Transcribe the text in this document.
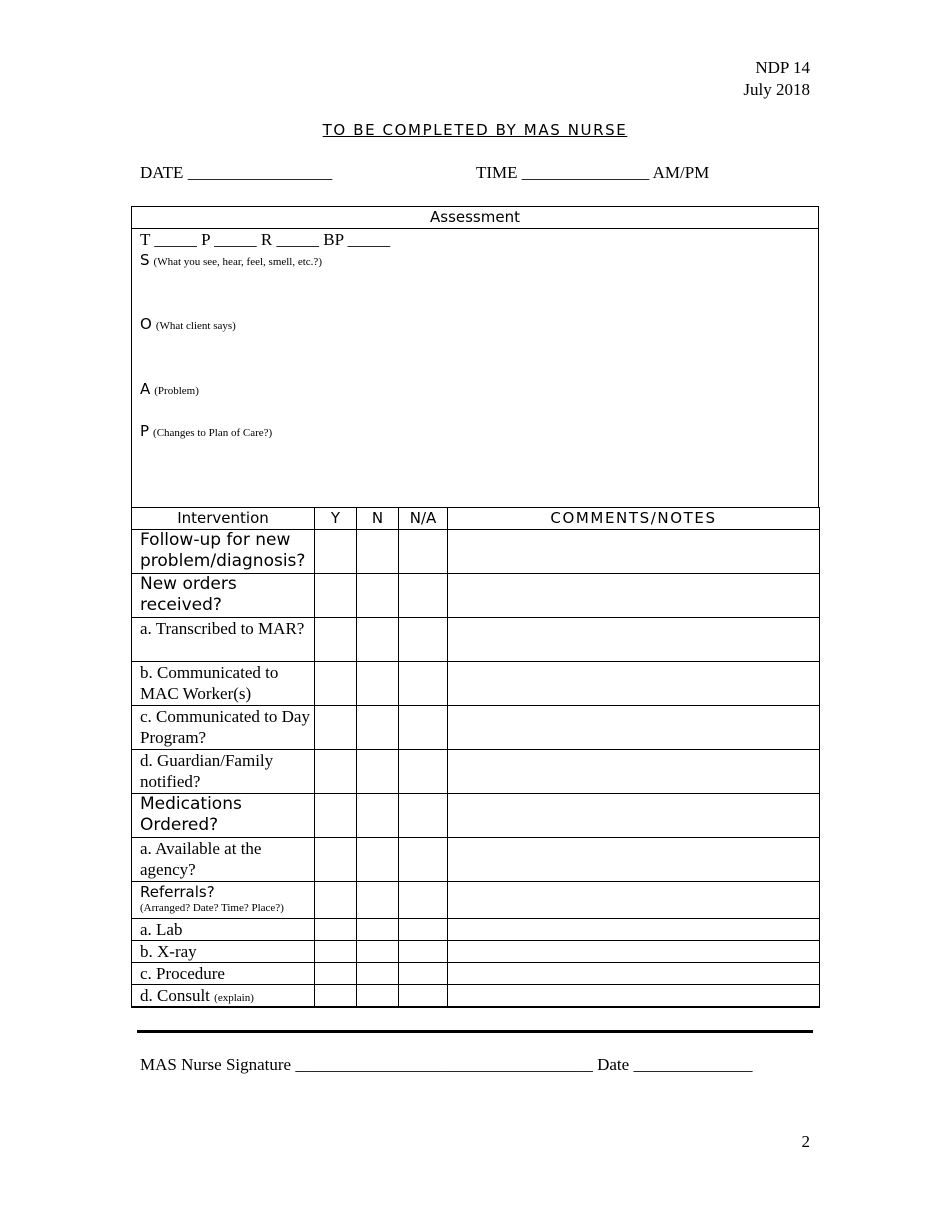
NDP 14
July 2018
TO BE COMPLETED BY MAS NURSE
DATE _________________	TIME _______________ AM/PM
Assessment
T _____ P _____ R _____ BP _____
S (What you see, hear, feel, smell, etc.?)
O (What client says)
A (Problem)
P (Changes to Plan of Care?)
Intervention	Y	N	N/A	COMMENTS/NOTES
Follow-up for new problem/diagnosis?				
New orders received?				
a. Transcribed to MAR?				
b. Communicated to MAC Worker(s)				
c. Communicated to Day Program?				
d. Guardian/Family notified?				
Medications Ordered?				
a. Available at the agency?				

Referrals?
(Arranged? Date? Time? Place?)				

a. Lab				
b. X-ray				
c. Procedure				
d. Consult (explain)				
MAS Nurse Signature ___________________________________ Date ______________
2
